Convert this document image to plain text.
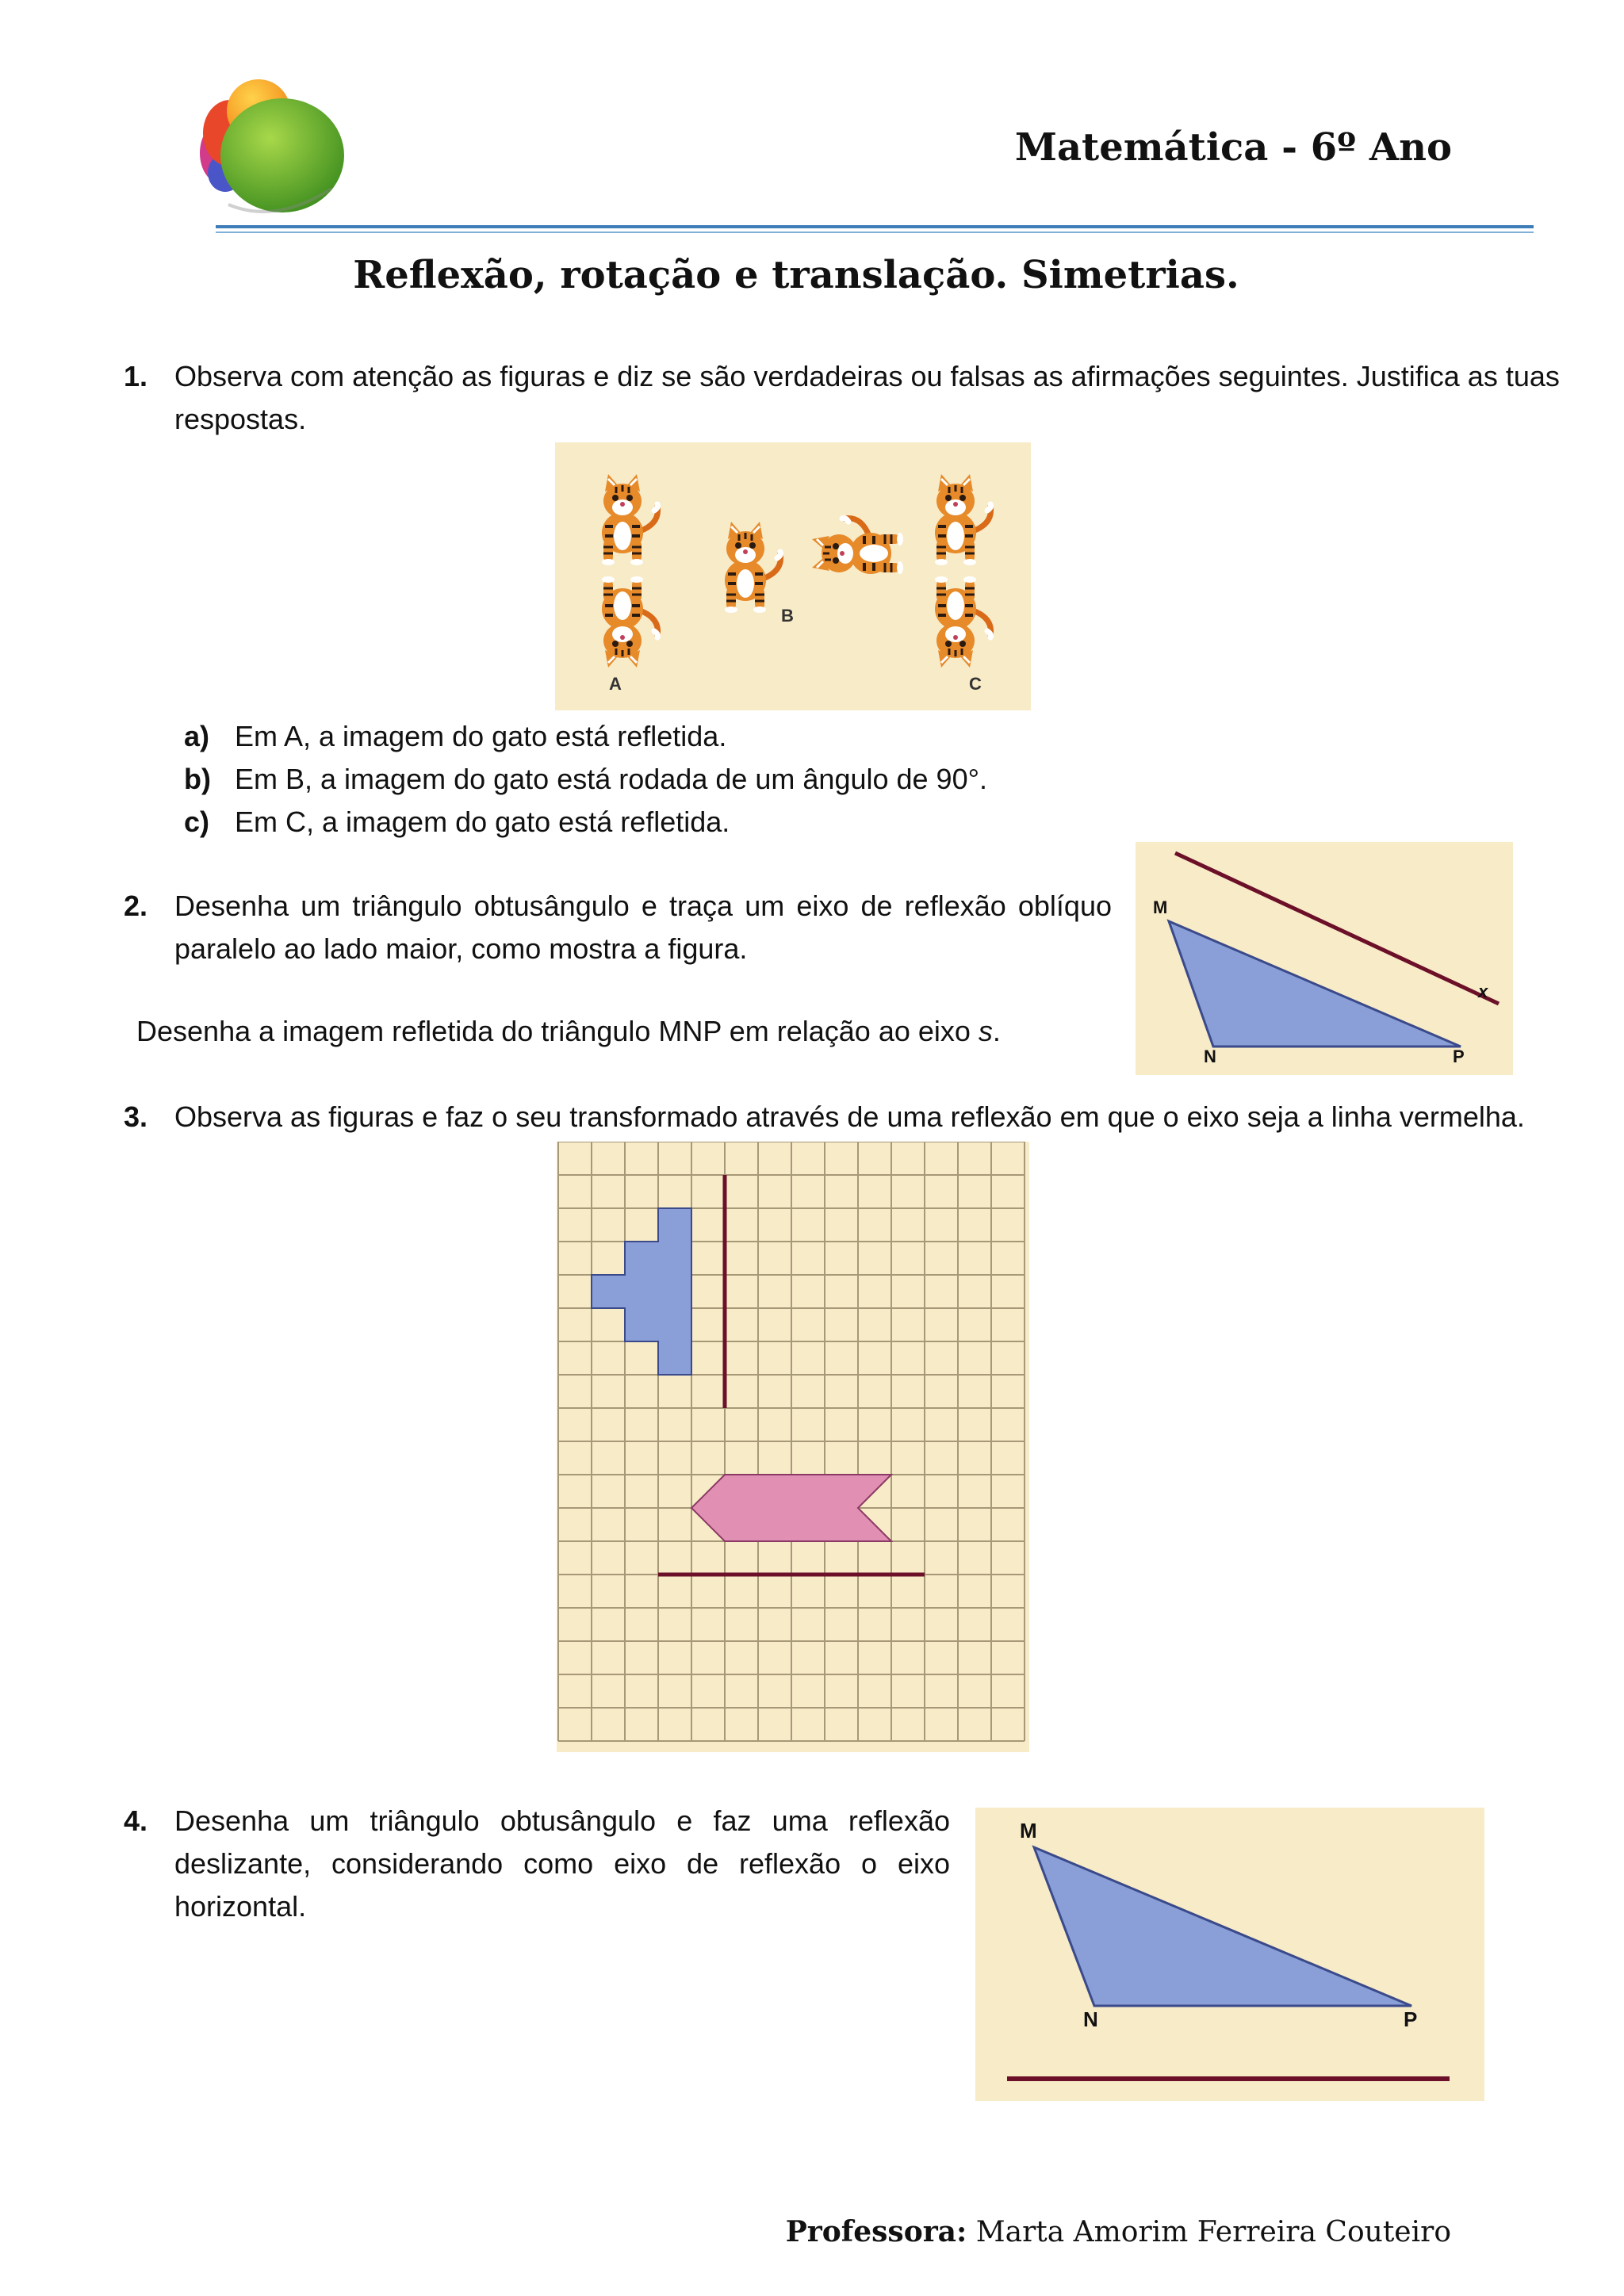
Matemática - 6º Ano
Reflexão, rotação e translação. Simetrias.
1. Observa com atenção as figuras e diz se são verdadeiras ou falsas as afirmações seguintes. Justifica as tuas
respostas.
A
B
C
a) Em A, a imagem do gato está refletida.
b) Em B, a imagem do gato está rodada de um ângulo de 90°.
c) Em C, a imagem do gato está refletida.
2. Desenha um triângulo obtusângulo e traça um eixo de reflexão oblíquo
paralelo ao lado maior, como mostra a figura.
Desenha a imagem refletida do triângulo MNP em relação ao eixo s.
M
N	P
x
3. Observa as figuras e faz o seu transformado através de uma reflexão em que o eixo seja a linha vermelha.
4. Desenha um triângulo obtusângulo e faz uma reflexão
deslizante, considerando como eixo de reflexão o eixo
horizontal.
M
N	P
Professora: Marta Amorim Ferreira Couteiro
